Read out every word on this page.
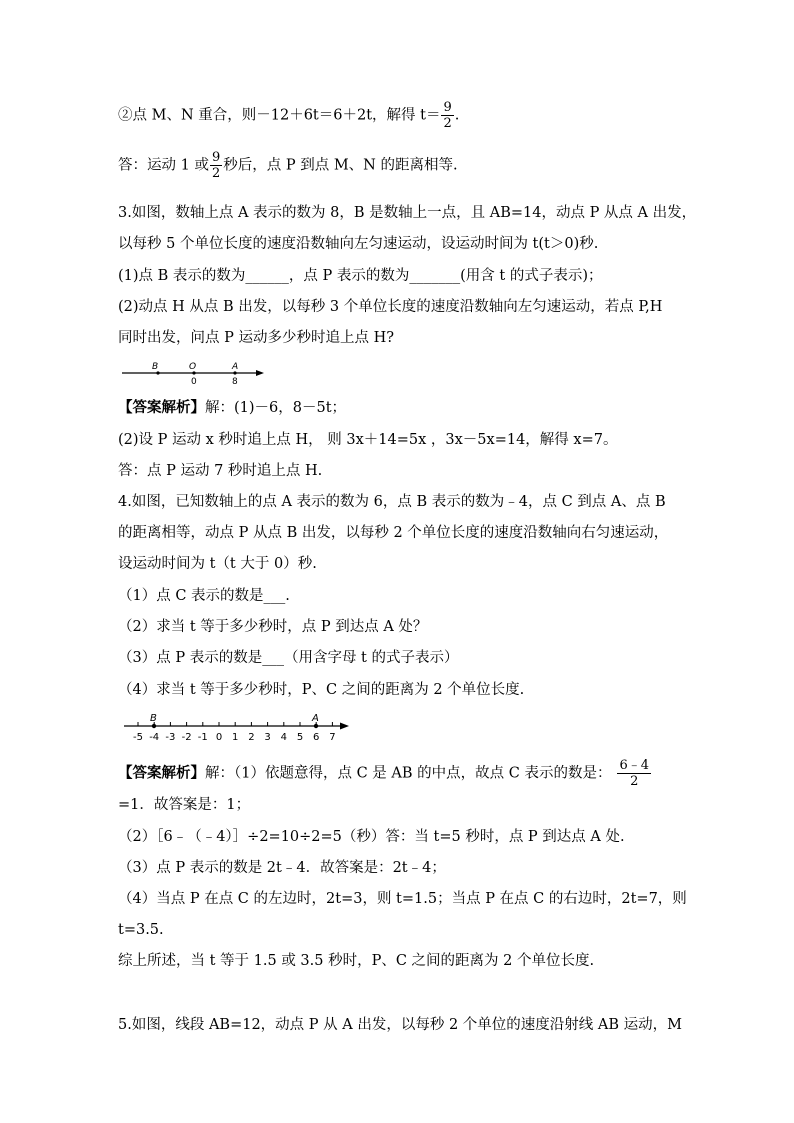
②点 M、N 重合，则－12＋6t＝6＋2t，解得 $t= \frac{9}{2}$ .
答：运动 1 或 $\frac{9}{2}$ 秒后，点 P 到点 M、N 的距离相等.
3.如图，数轴上点 A 表示的数为 8，B 是数轴上一点，且 AB=14，动点 P 从点 A 出发，
以每秒 5 个单位长度的速度沿数轴向左匀速运动，设运动时间为 t(t＞0)秒.
(1)点 B 表示的数为______，点 P 表示的数为_______(用含 t 的式子表示)；
(2)动点 H 从点 B 出发，以每秒 3 个单位长度的速度沿数轴向左匀速运动，若点 P,H
同时出发，问点 P 运动多少秒时追上点 H?
B	O	A
0	8
【答案解析】解：(1)－6，8－5t；
(2)设 P 运动 x 秒时追上点 H， 则 3x＋14=5x ，3x－5x=14，解得 x=7。
答：点 P 运动 7 秒时追上点 H.
4.如图，已知数轴上的点 A 表示的数为 6，点 B 表示的数为﹣4，点 C 到点 A、点 B
的距离相等，动点 P 从点 B 出发，以每秒 2 个单位长度的速度沿数轴向右匀速运动，
设运动时间为 t（t 大于 0）秒.
（1）点 C 表示的数是___.
（2）求当 t 等于多少秒时，点 P 到达点 A 处？
（3）点 P 表示的数是___（用含字母 t 的式子表示）
（4）求当 t 等于多少秒时，P、C 之间的距离为 2 个单位长度.
-5 -4 -3 -2 -1 0 1 2 3 4 5 6 7
B	A
【答案解析】解：（1）依题意得，点 C 是 AB 的中点，故点 C 表示的数是： $\frac{6﹣4}{2}$
=1．故答案是：1；
（2）［6﹣（﹣4）］÷2=10÷2=5（秒）答：当 t=5 秒时，点 P 到达点 A 处.
（3）点 P 表示的数是 2t﹣4．故答案是：2t﹣4；
（4）当点 P 在点 C 的左边时，2t=3，则 t=1.5；当点 P 在点 C 的右边时，2t=7，则
t=3.5.
综上所述，当 t 等于 1.5 或 3.5 秒时，P、C 之间的距离为 2 个单位长度.
5.如图，线段 AB=12，动点 P 从 A 出发，以每秒 2 个单位的速度沿射线 AB 运动，M
